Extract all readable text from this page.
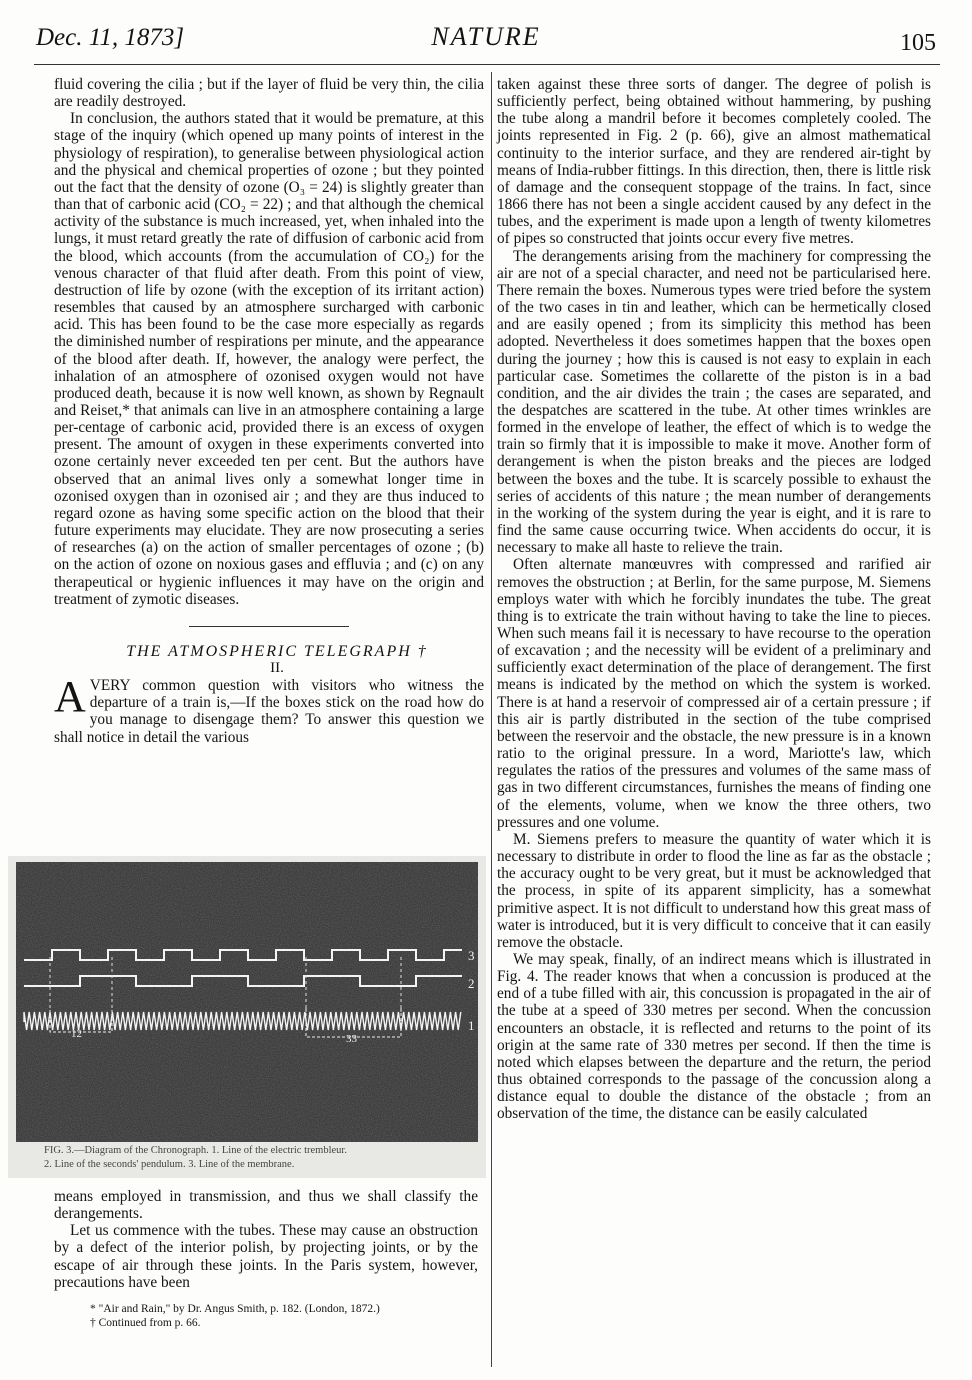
Dec. 11, 1873]	NATURE	105

fluid covering the cilia ; but if the layer of fluid be very thin, the cilia are readily destroyed.

In conclusion, the authors stated that it would be premature, at this stage of the inquiry (which opened up many points of interest in the physiology of respiration), to generalise between physiological action and the physical and chemical properties of ozone ; but they pointed out the fact that the density of ozone (O₃ = 24) is slightly greater than than that of carbonic acid (CO₂ = 22) ; and that although the chemical activity of the substance is much increased, yet, when inhaled into the lungs, it must retard greatly the rate of diffusion of carbonic acid from the blood, which accounts (from the accumulation of CO₂) for the venous character of that fluid after death. From this point of view, destruction of life by ozone (with the exception of its irritant action) resembles that caused by an atmosphere surcharged with carbonic acid. This has been found to be the case more especially as regards the diminished number of respirations per minute, and the appearance of the blood after death. If, however, the analogy were perfect, the inhalation of an atmosphere of ozonised oxygen would not have produced death, because it is now well known, as shown by Regnault and Reiset,* that animals can live in an atmosphere containing a large per-centage of carbonic acid, provided there is an excess of oxygen present. The amount of oxygen in these experiments converted into ozone certainly never exceeded ten per cent. But the authors have observed that an animal lives only a somewhat longer time in ozonised oxygen than in ozonised air ; and they are thus induced to regard ozone as having some specific action on the blood that their future experiments may elucidate. They are now prosecuting a series of researches (a) on the action of smaller percentages of ozone ; (b) on the action of ozone on noxious gases and effluvia ; and (c) on any therapeutical or hygienic influences it may have on the origin and treatment of zymotic diseases.

THE ATMOSPHERIC TELEGRAPH †

II.

AVERY common question with visitors who witness the departure of a train is,—If the boxes stick on the road how do you manage to disengage them? To answer this question we shall notice in detail the various

3
2
1
12	33
FIG. 3.—Diagram of the Chronograph. 1. Line of the electric trembleur.
2. Line of the seconds' pendulum. 3. Line of the membrane.

means employed in transmission, and thus we shall classify the derangements.

Let us commence with the tubes. These may cause an obstruction by a defect of the interior polish, by projecting joints, or by the escape of air through these joints. In the Paris system, however, precautions have been

* "Air and Rain," by Dr. Angus Smith, p. 182. (London, 1872.)
† Continued from p. 66.

taken against these three sorts of danger. The degree of polish is sufficiently perfect, being obtained without hammering, by pushing the tube along a mandril before it becomes completely cooled. The joints represented in Fig. 2 (p. 66), give an almost mathematical continuity to the interior surface, and they are rendered air-tight by means of India-rubber fittings. In this direction, then, there is little risk of damage and the consequent stoppage of the trains. In fact, since 1866 there has not been a single accident caused by any defect in the tubes, and the experiment is made upon a length of twenty kilometres of pipes so constructed that joints occur every five metres.

The derangements arising from the machinery for compressing the air are not of a special character, and need not be particularised here. There remain the boxes. Numerous types were tried before the system of the two cases in tin and leather, which can be hermetically closed and are easily opened ; from its simplicity this method has been adopted. Nevertheless it does sometimes happen that the boxes open during the journey ; how this is caused is not easy to explain in each particular case. Sometimes the collarette of the piston is in a bad condition, and the air divides the train ; the cases are separated, and the despatches are scattered in the tube. At other times wrinkles are formed in the envelope of leather, the effect of which is to wedge the train so firmly that it is impossible to make it move. Another form of derangement is when the piston breaks and the pieces are lodged between the boxes and the tube. It is scarcely possible to exhaust the series of accidents of this nature ; the mean number of derangements in the working of the system during the year is eight, and it is rare to find the same cause occurring twice. When accidents do occur, it is necessary to make all haste to relieve the train.

Often alternate manœuvres with compressed and rarified air removes the obstruction ; at Berlin, for the same purpose, M. Siemens employs water with which he forcibly inundates the tube. The great thing is to extricate the train without having to take the line to pieces. When such means fail it is necessary to have recourse to the operation of excavation ; and the necessity will be evident of a preliminary and sufficiently exact determination of the place of derangement. The first means is indicated by the method on which the system is worked. There is at hand a reservoir of compressed air of a certain pressure ; if this air is partly distributed in the section of the tube comprised between the reservoir and the obstacle, the new pressure is in a known ratio to the original pressure. In a word, Mariotte's law, which regulates the ratios of the pressures and volumes of the same mass of gas in two different circumstances, furnishes the means of finding one of the elements, volume, when we know the three others, two pressures and one volume.

M. Siemens prefers to measure the quantity of water which it is necessary to distribute in order to flood the line as far as the obstacle ; the accuracy ought to be very great, but it must be acknowledged that the process, in spite of its apparent simplicity, has a somewhat primitive aspect. It is not difficult to understand how this great mass of water is introduced, but it is very difficult to conceive that it can easily remove the obstacle.

We may speak, finally, of an indirect means which is illustrated in Fig. 4. The reader knows that when a concussion is produced at the end of a tube filled with air, this concussion is propagated in the air of the tube at a speed of 330 metres per second. When the concussion encounters an obstacle, it is reflected and returns to the point of its origin at the same rate of 330 metres per second. If then the time is noted which elapses between the departure and the return, the period thus obtained corresponds to the passage of the concussion along a distance equal to double the distance of the obstacle ; from an observation of the time, the distance can be easily calculated
